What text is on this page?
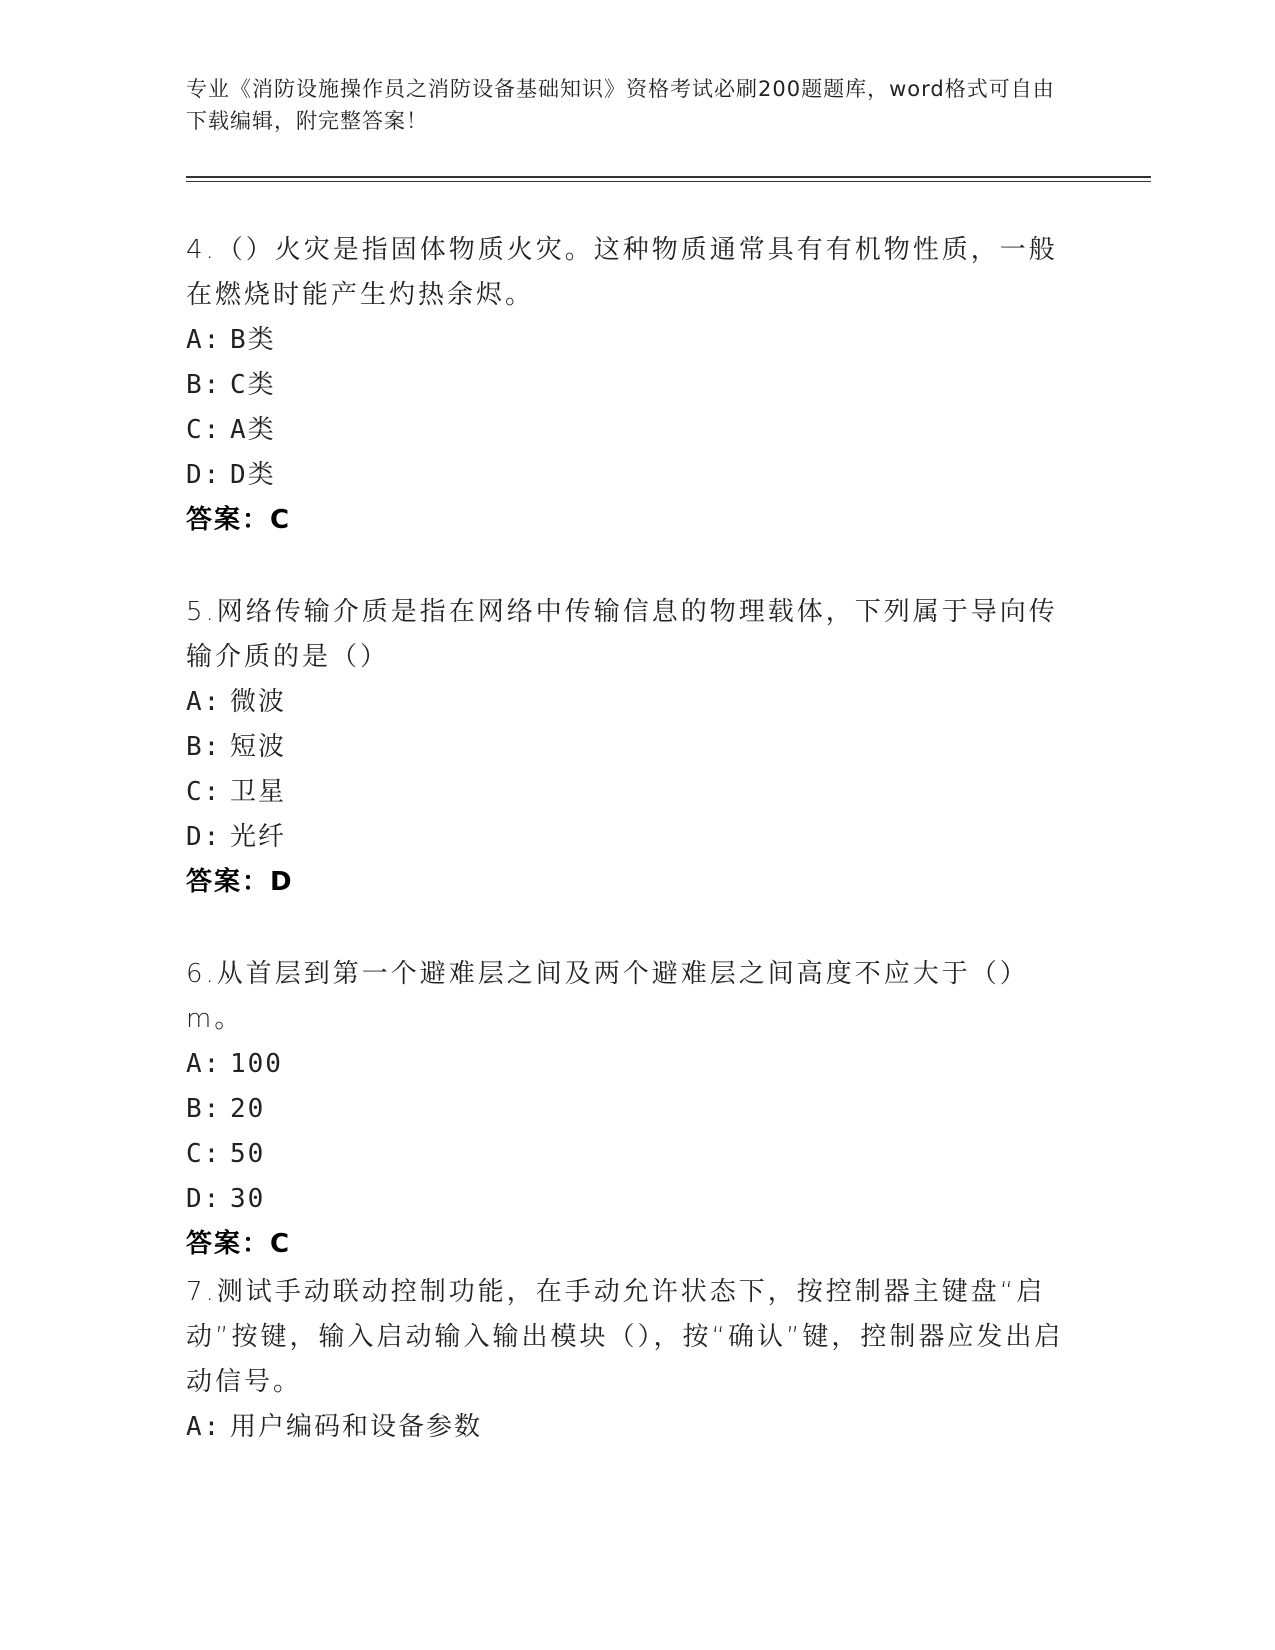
专业《消防设施操作员之消防设备基础知识》资格考试必刷200题题库，word格式可自由下载编辑，附完整答案！
4.（）火灾是指固体物质火灾。这种物质通常具有有机物性质，一般在燃烧时能产生灼热余烬。
A: B类
B: C类
C: A类
D: D类
答案：C
5.网络传输介质是指在网络中传输信息的物理载体，下列属于导向传输介质的是（）
A: 微波
B: 短波
C: 卫星
D: 光纤
答案：D
6.从首层到第一个避难层之间及两个避难层之间高度不应大于（）m。
A: 100
B: 20
C: 50
D: 30
答案：C
7.测试手动联动控制功能，在手动允许状态下，按控制器主键盘“启动”按键，输入启动输入输出模块（），按“确认”键，控制器应发出启动信号。
A: 用户编码和设备参数
